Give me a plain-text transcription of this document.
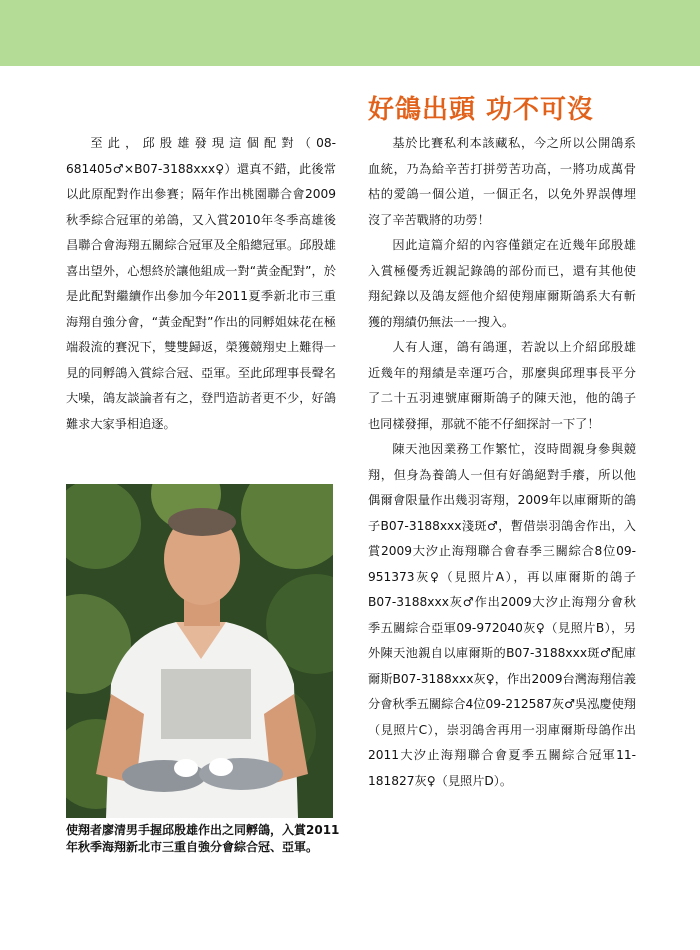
至此，邱殷雄發現這個配對（08-681405♂×B07-3188xxx♀）還真不錯，此後常以此原配對作出參賽；隔年作出桃園聯合會2009秋季綜合冠軍的弟鴿，又入賞2010年冬季高雄後昌聯合會海翔五關綜合冠軍及全船總冠軍。邱殷雄喜出望外，心想終於讓他組成一對“黃金配對”，於是此配對繼續作出參加今年2011夏季新北市三重海翔自強分會，“黃金配對”作出的同孵姐妹花在極端殺流的賽況下，雙雙歸返，榮獲競翔史上難得一見的同孵鴿入賞綜合冠、亞軍。至此邱理事長聲名大噪，鴿友談論者有之，登門造訪者更不少，好鴿難求大家爭相追逐。

使翔者廖清男手握邱殷雄作出之同孵鴿，入賞2011年秋季海翔新北市三重自強分會綜合冠、亞軍。

好鴿出頭 功不可沒

基於比賽私利本該藏私，今之所以公開鴿系血統，乃為給辛苦打拼勞苦功高，一將功成萬骨枯的愛鴿一個公道，一個正名，以免外界誤傳埋沒了辛苦戰將的功勞！

因此這篇介紹的內容僅鎖定在近幾年邱殷雄入賞極優秀近親記錄鴿的部份而已，還有其他使翔紀錄以及鴿友經他介紹使翔庫爾斯鴿系大有斬獲的翔績仍無法一一搜入。

人有人運，鴿有鴿運，若說以上介紹邱殷雄近幾年的翔績是幸運巧合，那麼與邱理事長平分了二十五羽連號庫爾斯鴿子的陳天池，他的鴿子也同樣發揮，那就不能不仔細探討一下了！

陳天池因業務工作繁忙，沒時間親身參與競翔，但身為養鴿人一但有好鴿絕對手癢，所以他偶爾會限量作出幾羽寄翔，2009年以庫爾斯的鴿子B07-3188xxx淺斑♂，暫借崇羽鴿舍作出，入賞2009大汐止海翔聯合會春季三關綜合8位09-951373灰♀（見照片A），再以庫爾斯的鴿子B07-3188xxx灰♂作出2009大汐止海翔分會秋季五關綜合亞軍09-972040灰♀（見照片B），另外陳天池親自以庫爾斯的B07-3188xxx斑♂配庫爾斯B07-3188xxx灰♀，作出2009台灣海翔信義分會秋季五關綜合4位09-212587灰♂吳泓慶使翔（見照片C），崇羽鴿舍再用一羽庫爾斯母鴿作出2011大汐止海翔聯合會夏季五關綜合冠軍11-181827灰♀（見照片D）。
